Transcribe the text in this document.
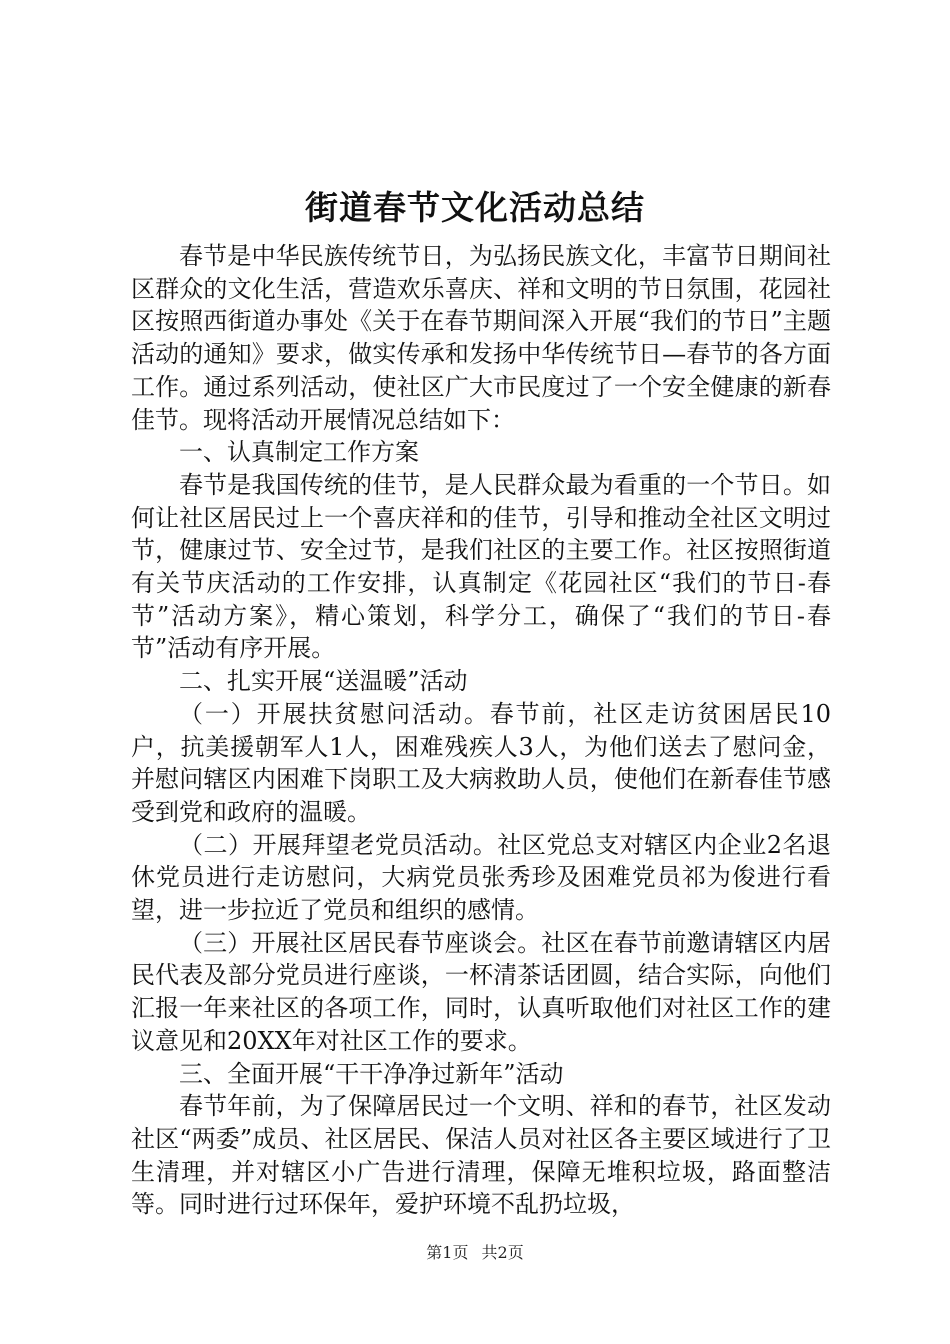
街道春节文化活动总结

春节是中华民族传统节日，为弘扬民族文化，丰富节日期间社区群众的文化生活，营造欢乐喜庆、祥和文明的节日氛围，花园社区按照西街道办事处《关于在春节期间深入开展“我们的节日”主题活动的通知》要求，做实传承和发扬中华传统节日—春节的各方面工作。通过系列活动，使社区广大市民度过了一个安全健康的新春佳节。现将活动开展情况总结如下：

一、认真制定工作方案

春节是我国传统的佳节，是人民群众最为看重的一个节日。如何让社区居民过上一个喜庆祥和的佳节，引导和推动全社区文明过节，健康过节、安全过节，是我们社区的主要工作。社区按照街道有关节庆活动的工作安排，认真制定《花园社区“我们的节日-春节”活动方案》，精心策划，科学分工，确保了“我们的节日-春节”活动有序开展。

二、扎实开展“送温暖”活动

（一）开展扶贫慰问活动。春节前，社区走访贫困居民10户，抗美援朝军人1人，困难残疾人3人，为他们送去了慰问金，并慰问辖区内困难下岗职工及大病救助人员，使他们在新春佳节感受到党和政府的温暖。

（二）开展拜望老党员活动。社区党总支对辖区内企业2名退休党员进行走访慰问，大病党员张秀珍及困难党员祁为俊进行看望，进一步拉近了党员和组织的感情。

（三）开展社区居民春节座谈会。社区在春节前邀请辖区内居民代表及部分党员进行座谈，一杯清茶话团圆，结合实际，向他们汇报一年来社区的各项工作，同时，认真听取他们对社区工作的建议意见和20XX年对社区工作的要求。

三、全面开展“干干净净过新年”活动

春节年前，为了保障居民过一个文明、祥和的春节，社区发动社区“两委”成员、社区居民、保洁人员对社区各主要区域进行了卫生清理，并对辖区小广告进行清理，保障无堆积垃圾，路面整洁等。同时进行过环保年，爱护环境不乱扔垃圾，

第1页 共2页
